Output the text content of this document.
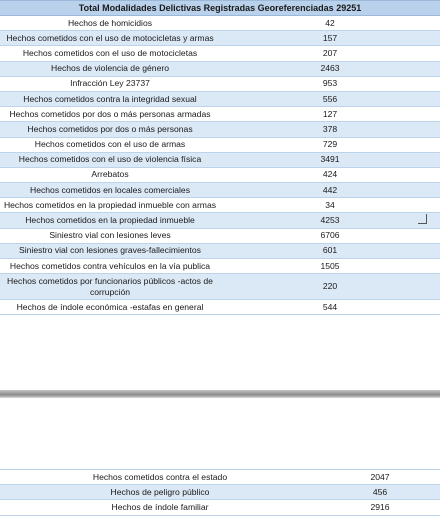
Total Modalidades Delictivas Registradas Georeferenciadas 29251	
Hechos de homicidios	42
Hechos cometidos con el uso de motocicletas y armas	157
Hechos cometidos con el uso de motocicletas	207
Hechos de violencia de género	2463
Infracción Ley 23737	953
Hechos cometidos contra la integridad sexual	556
Hechos cometidos por dos o más personas armadas	127
Hechos cometidos por dos o más personas	378
Hechos cometidos con el uso de armas	729
Hechos cometidos con el uso de violencia física	3491
Arrebatos	424
Hechos cometidos en locales comerciales	442
Hechos cometidos en la propiedad inmueble con armas	34
Hechos cometidos en la propiedad inmueble	4253
Siniestro vial con lesiones leves	6706
Siniestro vial con lesiones graves-fallecimientos	601
Hechos cometidos contra vehículos en la vía publica	1505
Hechos cometidos por funcionarios públicos -actos de corrupción	220
Hechos de índole económica -estafas en general	544
Hechos cometidos contra el estado	2047
Hechos de peligro público	456
Hechos de índole familiar	2916
